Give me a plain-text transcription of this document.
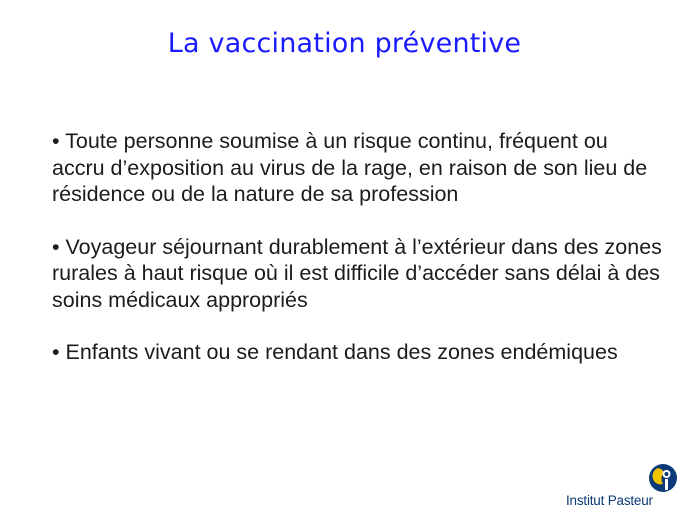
La vaccination préventive
• Toute personne soumise à un risque continu, fréquent ou accru d’exposition au virus de la rage, en raison de son lieu de résidence ou de la nature de sa profession
• Voyageur séjournant durablement à l’extérieur dans des zones rurales à haut risque où il est difficile d’accéder sans délai à des soins médicaux appropriés
• Enfants vivant ou se rendant dans des zones endémiques
Institut Pasteur
